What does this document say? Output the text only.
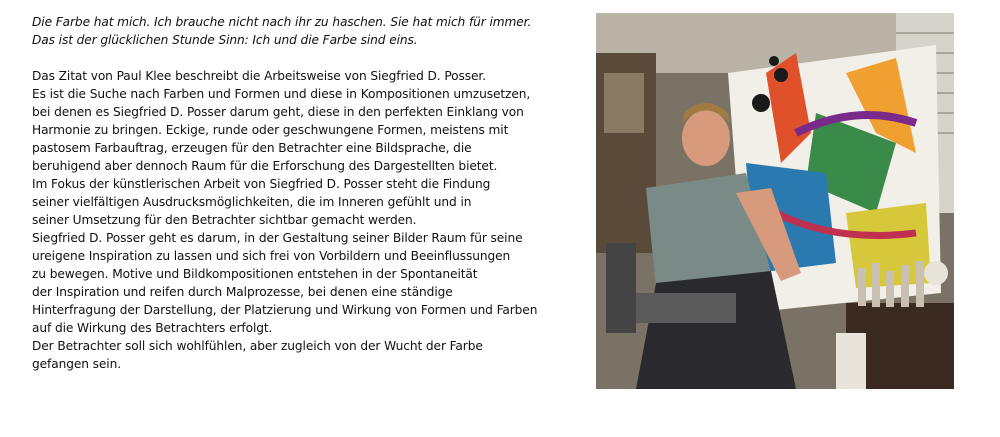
Die Farbe hat mich. Ich brauche nicht nach ihr zu haschen. Sie hat mich für immer.
Das ist der glücklichen Stunde Sinn: Ich und die Farbe sind eins.

Das Zitat von Paul Klee beschreibt die Arbeitsweise von Siegfried D. Posser.
Es ist die Suche nach Farben und Formen und diese in Kompositionen umzusetzen,
bei denen es Siegfried D. Posser darum geht, diese in den perfekten Einklang von
Harmonie zu bringen. Eckige, runde oder geschwungene Formen, meistens mit
pastosem Farbauftrag, erzeugen für den Betrachter eine Bildsprache, die
beruhigend aber dennoch Raum für die Erforschung des Dargestellten bietet.
Im Fokus der künstlerischen Arbeit von Siegfried D. Posser steht die Findung
seiner vielfältigen Ausdrucksmöglichkeiten, die im Inneren gefühlt und in
seiner Umsetzung für den Betrachter sichtbar gemacht werden.
Siegfried D. Posser geht es darum, in der Gestaltung seiner Bilder Raum für seine
ureigene Inspiration zu lassen und sich frei von Vorbildern und Beeinflussungen
zu bewegen. Motive und Bildkompositionen entstehen in der Spontaneität
der Inspiration und reifen durch Malprozesse, bei denen eine ständige
Hinterfragung der Darstellung, der Platzierung und Wirkung von Formen und Farben
auf die Wirkung des Betrachters erfolgt.
Der Betrachter soll sich wohlfühlen, aber zugleich von der Wucht der Farbe
gefangen sein.
